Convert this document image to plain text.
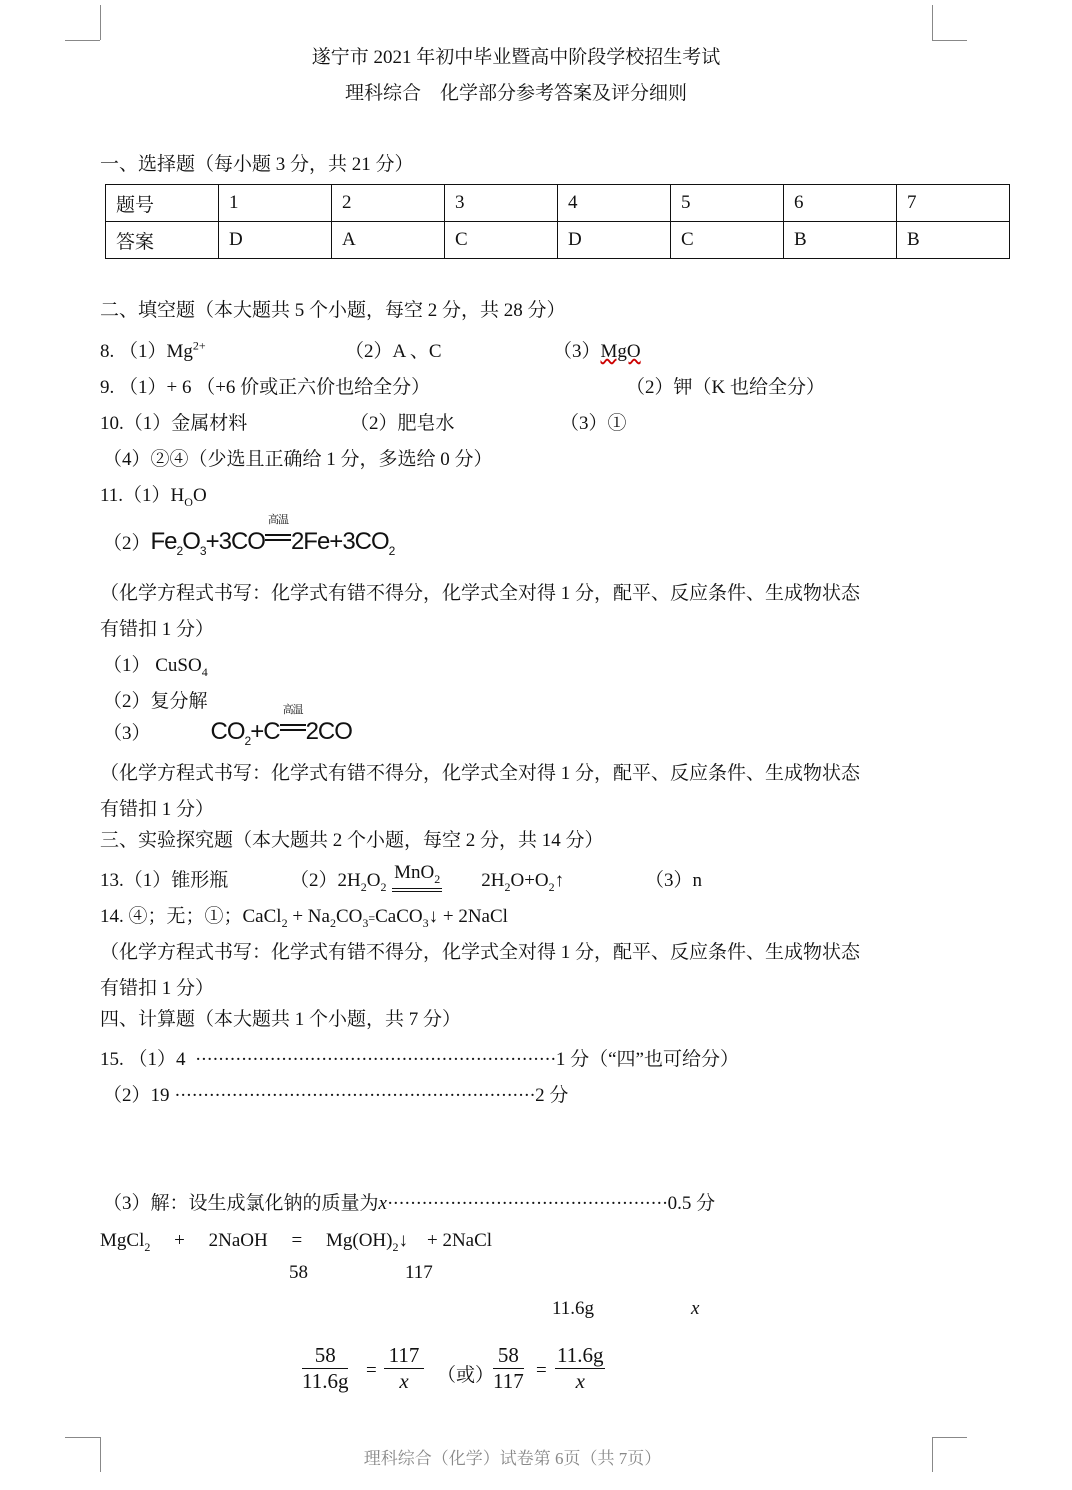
遂宁市 2021 年初中毕业暨高中阶段学校招生考试
理科综合　化学部分参考答案及评分细则
一、选择题（每小题 3 分，共 21 分）
题号	1	2	3	4	5	6	7
答案	D	A	C	D	C	B	B
二、填空题（本大题共 5 个小题，每空 2 分，共 28 分）
8. $(1)Mg^{2+}$	（2）A 、C	（3）MgO
9. （1）+ 6 （+6 价或正六价也给全分）	（2）钾（K 也给全分）
10.（1）金属材料	（2）肥皂水	（3）①
（4）②④（少选且正确给 1 分，多选给 0 分）
$11.(1)H_OO$
$(2)Fe_2O_3+3CO$
高温
$2Fe+3CO_2$
（化学方程式书写：化学式有错不得分，化学式全对得 1 分，配平、反应条件、生成物状态
有错扣 1 分）
（1） CuSO$_4$
（2）复分解
（3）	$CO_2+C$
高温
2CO
（化学方程式书写：化学式有错不得分，化学式全对得 1 分，配平、反应条件、生成物状态
有错扣 1 分）
三、实验探究题（本大题共 2 个小题，每空 2 分，共 14 分）
13.（1）锥形瓶	$(2)2H_2O_2$
MnO$_2$
　　 $2H_2O+O_2↑$	（3）n
14. ④；无；①；CaCl$_2$ + $Na_2CO_3=CaCO_3↓$ + 2NaCl
（化学方程式书写：化学式有错不得分，化学式全对得 1 分，配平、反应条件、生成物状态
有错扣 1 分）
四、计算题（本大题共 1 个小题，共 7 分）
15. （1）4  ·······························································1 分（“四”也可给分）
（2）19 ·······························································2 分
（3）解：设生成氯化钠的质量为x·················································0.5 分
MgCl$_2$　 +　 2NaOH　 =　 $Mg(OH)_2↓$　 + 2NaCl
58	117
11.6g	x
$\frac{58}{11.6g} = \frac{117}{x}$ （或）
$\frac{58}{117} = \frac{11.6g}{x}$
理科综合（化学）试卷第 6页（共 7页）
